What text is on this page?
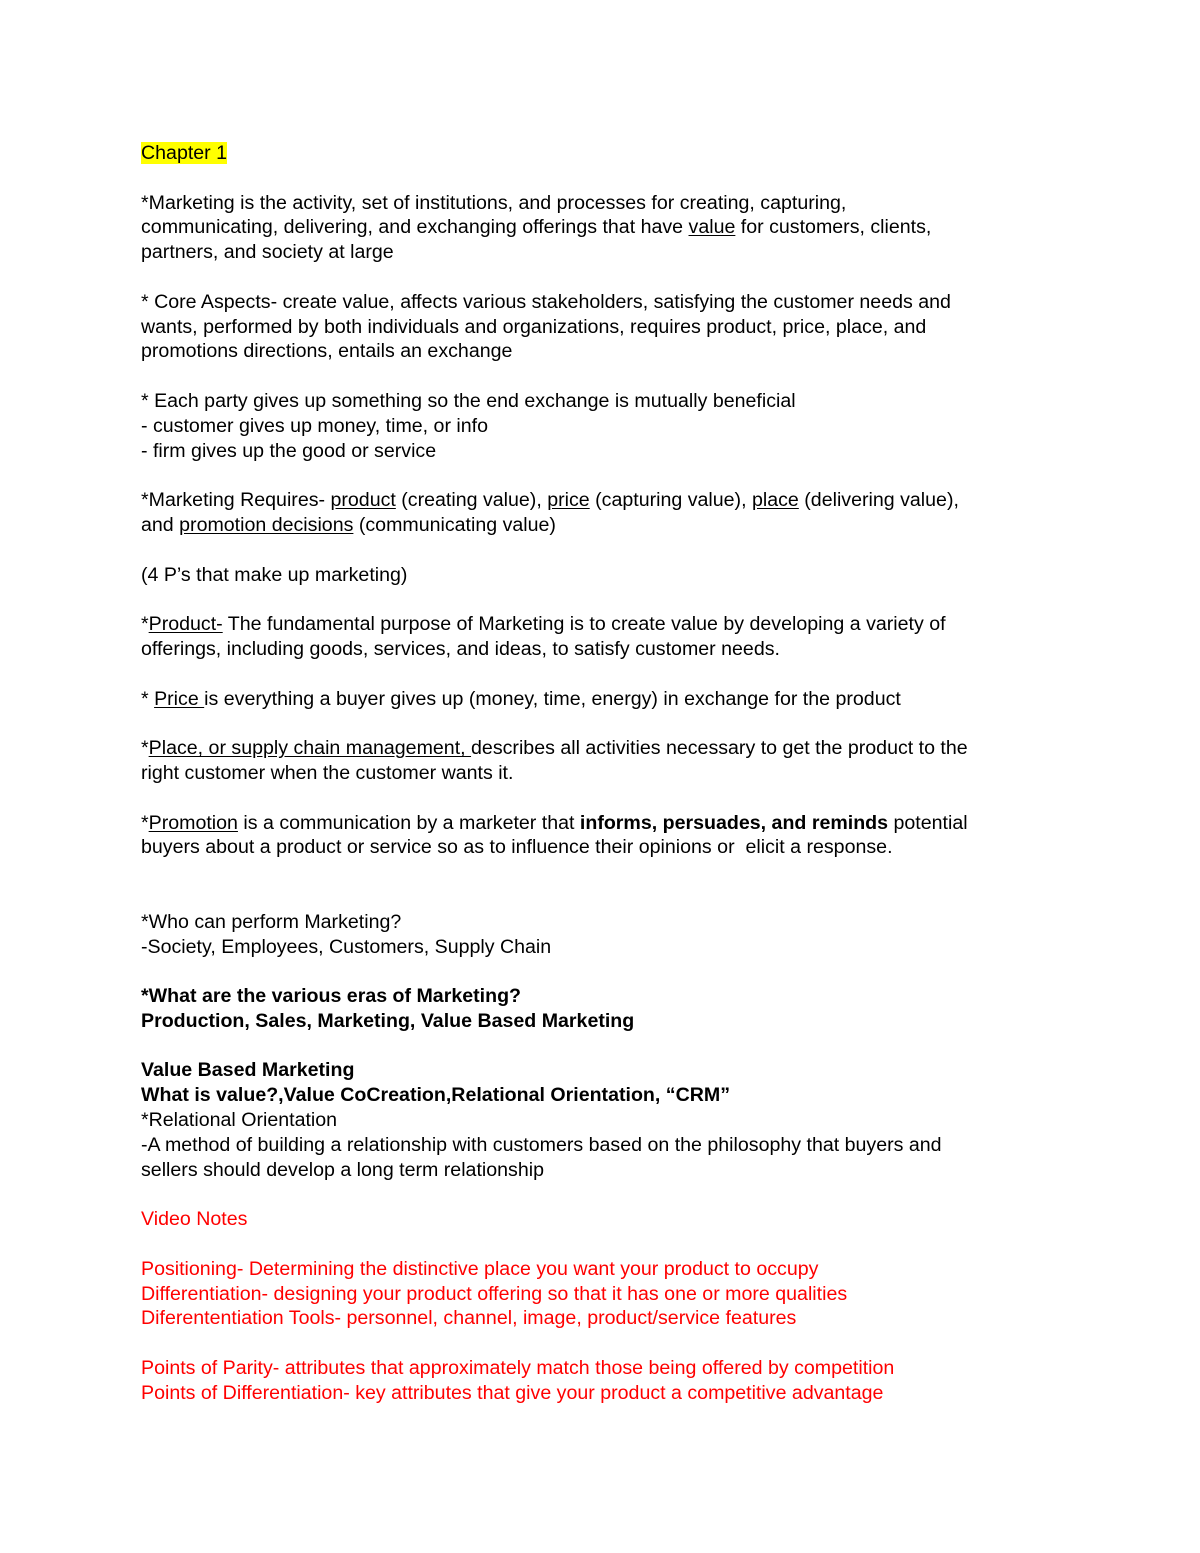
Chapter 1
*Marketing is the activity, set of institutions, and processes for creating, capturing,
communicating, delivering, and exchanging offerings that have value for customers, clients,
partners, and society at large
* Core Aspects- create value, affects various stakeholders, satisfying the customer needs and
wants, performed by both individuals and organizations, requires product, price, place, and
promotions directions, entails an exchange
* Each party gives up something so the end exchange is mutually beneficial
- customer gives up money, time, or info
- firm gives up the good or service
*Marketing Requires- product (creating value), price (capturing value), place (delivering value),
and promotion decisions (communicating value)
(4 P’s that make up marketing)
*Product- The fundamental purpose of Marketing is to create value by developing a variety of
offerings, including goods, services, and ideas, to satisfy customer needs.
* Price is everything a buyer gives up (money, time, energy) in exchange for the product
*Place, or supply chain management, describes all activities necessary to get the product to the
right customer when the customer wants it.
*Promotion is a communication by a marketer that informs, persuades, and reminds potential
buyers about a product or service so as to influence their opinions or  elicit a response.
*Who can perform Marketing?
-Society, Employees, Customers, Supply Chain
*What are the various eras of Marketing?
Production, Sales, Marketing, Value Based Marketing
Value Based Marketing
What is value?,Value CoCreation,Relational Orientation, “CRM”
*Relational Orientation
-A method of building a relationship with customers based on the philosophy that buyers and
sellers should develop a long term relationship
Video Notes
Positioning- Determining the distinctive place you want your product to occupy
Differentiation- designing your product offering so that it has one or more qualities
Diferententiation Tools- personnel, channel, image, product/service features
Points of Parity- attributes that approximately match those being offered by competition
Points of Differentiation- key attributes that give your product a competitive advantage
